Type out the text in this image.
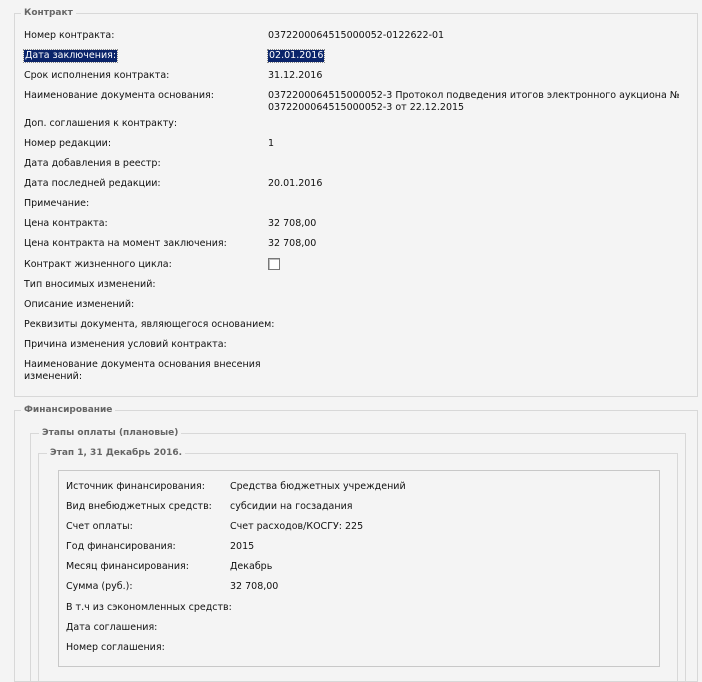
Контракт
Номер контракта:	0372200064515000052-0122622-01
Дата заключения:	02.01.2016
Срок исполнения контракта:	31.12.2016
Наименование документа основания:	0372200064515000052-3 Протокол подведения итогов электронного аукциона №
0372200064515000052-3 от 22.12.2015
Доп. соглашения к контракту:
Номер редакции:	1
Дата добавления в реестр:
Дата последней редакции:	20.01.2016
Примечание:
Цена контракта:	32 708,00
Цена контракта на момент заключения:	32 708,00
Контракт жизненного цикла:
Тип вносимых изменений:
Описание изменений:
Реквизиты документа, являющегося основанием:
Причина изменения условий контракта:
Наименование документа основания внесения
изменений:
Финансирование
Этапы оплаты (плановые)
Этап 1, 31 Декабрь 2016.
Источник финансирования:	Средства бюджетных учреждений
Вид внебюджетных средств: субсидии на госзадания
Счет оплаты:	Счет расходов/КОСГУ: 225
Год финансирования:	2015
Месяц финансирования:	Декабрь
Сумма (руб.):	32 708,00
В т.ч из сэкономленных средств:
Дата соглашения:
Номер соглашения:
